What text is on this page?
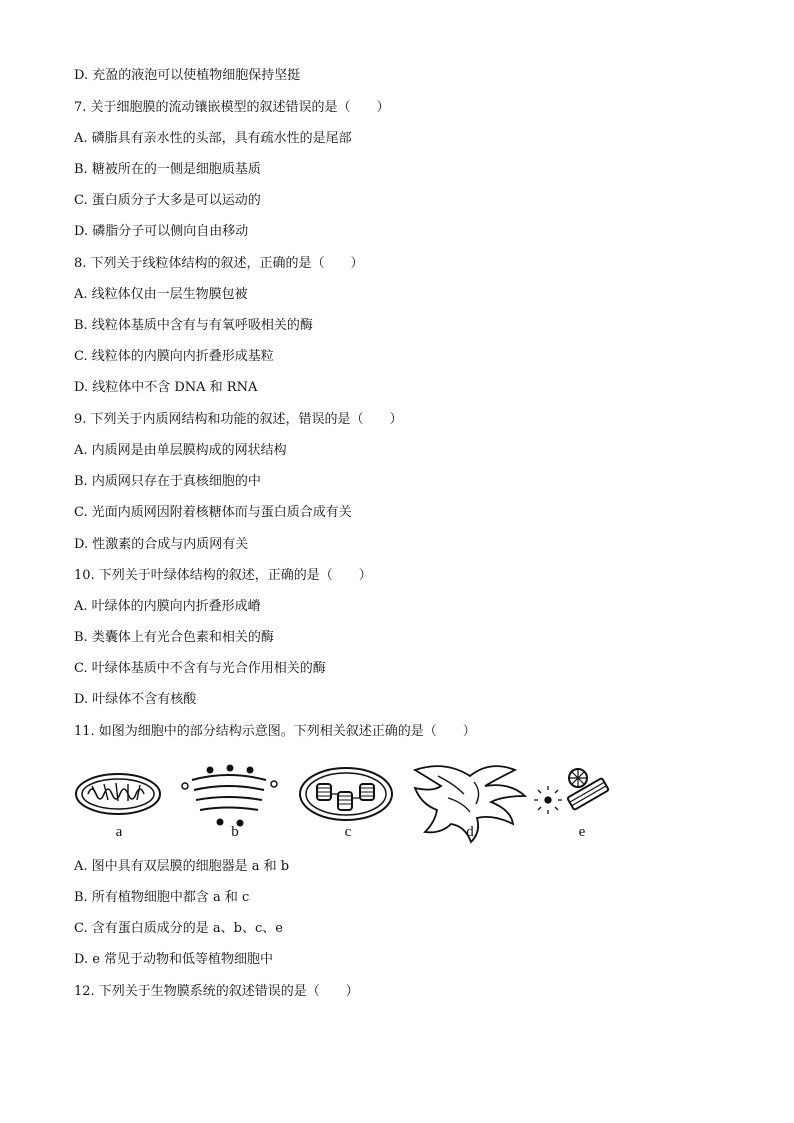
D. 充盈的液泡可以使植物细胞保持坚挺
7. 关于细胞膜的流动镶嵌模型的叙述错误的是（　　）
A. 磷脂具有亲水性的头部，具有疏水性的是尾部
B. 糖被所在的一侧是细胞质基质
C. 蛋白质分子大多是可以运动的
D. 磷脂分子可以侧向自由移动
8. 下列关于线粒体结构的叙述，正确的是（　　）
A. 线粒体仅由一层生物膜包被
B. 线粒体基质中含有与有氧呼吸相关的酶
C. 线粒体的内膜向内折叠形成基粒
D. 线粒体中不含 DNA 和 RNA
9. 下列关于内质网结构和功能的叙述，错误的是（　　）
A. 内质网是由单层膜构成的网状结构
B. 内质网只存在于真核细胞的中
C. 光面内质网因附着核糖体而与蛋白质合成有关
D. 性激素的合成与内质网有关
10. 下列关于叶绿体结构的叙述，正确的是（　　）
A. 叶绿体的内膜向内折叠形成嵴
B. 类囊体上有光合色素和相关的酶
C. 叶绿体基质中不含有与光合作用相关的酶
D. 叶绿体不含有核酸
11. 如图为细胞中的部分结构示意图。下列相关叙述正确的是（　　）
a	b	c	d	e
A. 图中具有双层膜的细胞器是 a 和 b
B. 所有植物细胞中都含 a 和 c
C. 含有蛋白质成分的是 a、b、c、e
D. e 常见于动物和低等植物细胞中
12. 下列关于生物膜系统的叙述错误的是（　　）
